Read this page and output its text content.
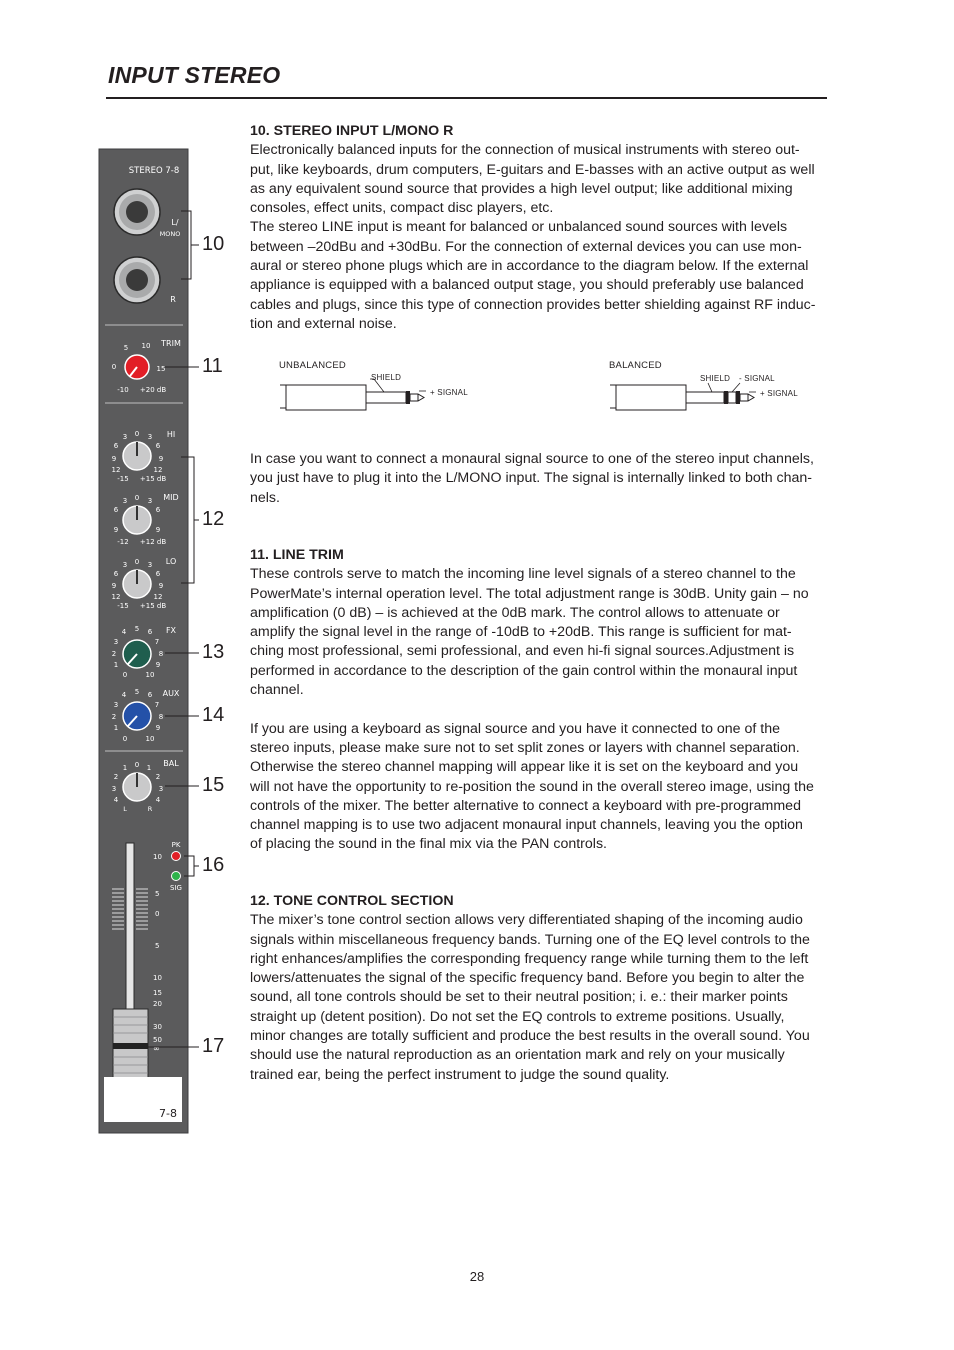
INPUT STEREO
STEREO 7-8
L/
MONO
R
TRIM
5 10
0	15
-10 +20 dB
HI
0
3	3
6	6
9	9
12	12
-15 +15 dB
MID
0
3	3
6	6
9	9
-12 +12 dB
LO
0
3	3
6	6
9	9
12	12
-15 +15 dB
FX
4 5 6
3	7
2	8
1	9
0	10
AUX
4 5 6
3	7
2	8
1	9
0	10
BAL
0
1	1
2	2
3	3
4	4
L	R
PK
SIG
10
5
0
5
10
15
20
30
50
∞
7-8
10
11
12
13
14
15
16
17
10. STEREO INPUT L/MONO R

Electronically balanced inputs for the connection of musical instruments with stereo out-
put, like keyboards, drum computers, E-guitars and E-basses with an active output as well
as any equivalent sound source that provides a high level output; like additional mixing
consoles, effect units, compact disc players, etc.

The stereo LINE input is meant for balanced or unbalanced sound sources with levels
between –20dBu and +30dBu. For the connection of external devices you can use mon-
aural or stereo phone plugs which are in accordance to the diagram below. If the external
appliance is equipped with a balanced output stage, you should preferably use balanced
cables and plugs, since this type of connection provides better shielding against RF induc-
tion and external noise.

UNBALANCED
SHIELD
+ SIGNAL
BALANCED
SHIELD - SIGNAL
+ SIGNAL

In case you want to connect a monaural signal source to one of the stereo input channels,
you just have to plug it into the L/MONO input. The signal is internally linked to both chan-
nels.

11. LINE TRIM

These controls serve to match the incoming line level signals of a stereo channel to the
PowerMate’s internal operation level. The total adjustment range is 30dB. Unity gain – no
amplification (0 dB) – is achieved at the 0dB mark. The control allows to attenuate or
amplify the signal level in the range of -10dB to +20dB. This range is sufficient for mat-
ching most professional, semi professional, and even hi-fi signal sources.Adjustment is
performed in accordance to the description of the gain control within the monaural input
channel.

If you are using a keyboard as signal source and you have it connected to one of the
stereo inputs, please make sure not to set split zones or layers with channel separation.
Otherwise the stereo channel mapping will appear like it is set on the keyboard and you
will not have the opportunity to re-position the sound in the overall stereo image, using the
controls of the mixer. The better alternative to connect a keyboard with pre-programmed
channel mapping is to use two adjacent monaural input channels, leaving you the option
of placing the sound in the final mix via the PAN controls.

12. TONE CONTROL SECTION

The mixer’s tone control section allows very differentiated shaping of the incoming audio
signals within miscellaneous frequency bands. Turning one of the EQ level controls to the
right enhances/amplifies the corresponding frequency range while turning them to the left
lowers/attenuates the signal of the specific frequency band. Before you begin to alter the
sound, all tone controls should be set to their neutral position; i. e.: their marker points
straight up (detent position). Do not set the EQ controls to extreme positions. Usually,
minor changes are totally sufficient and produce the best results in the overall sound. You
should use the natural reproduction as an orientation mark and rely on your musically
trained ear, being the perfect instrument to judge the sound quality.

28
